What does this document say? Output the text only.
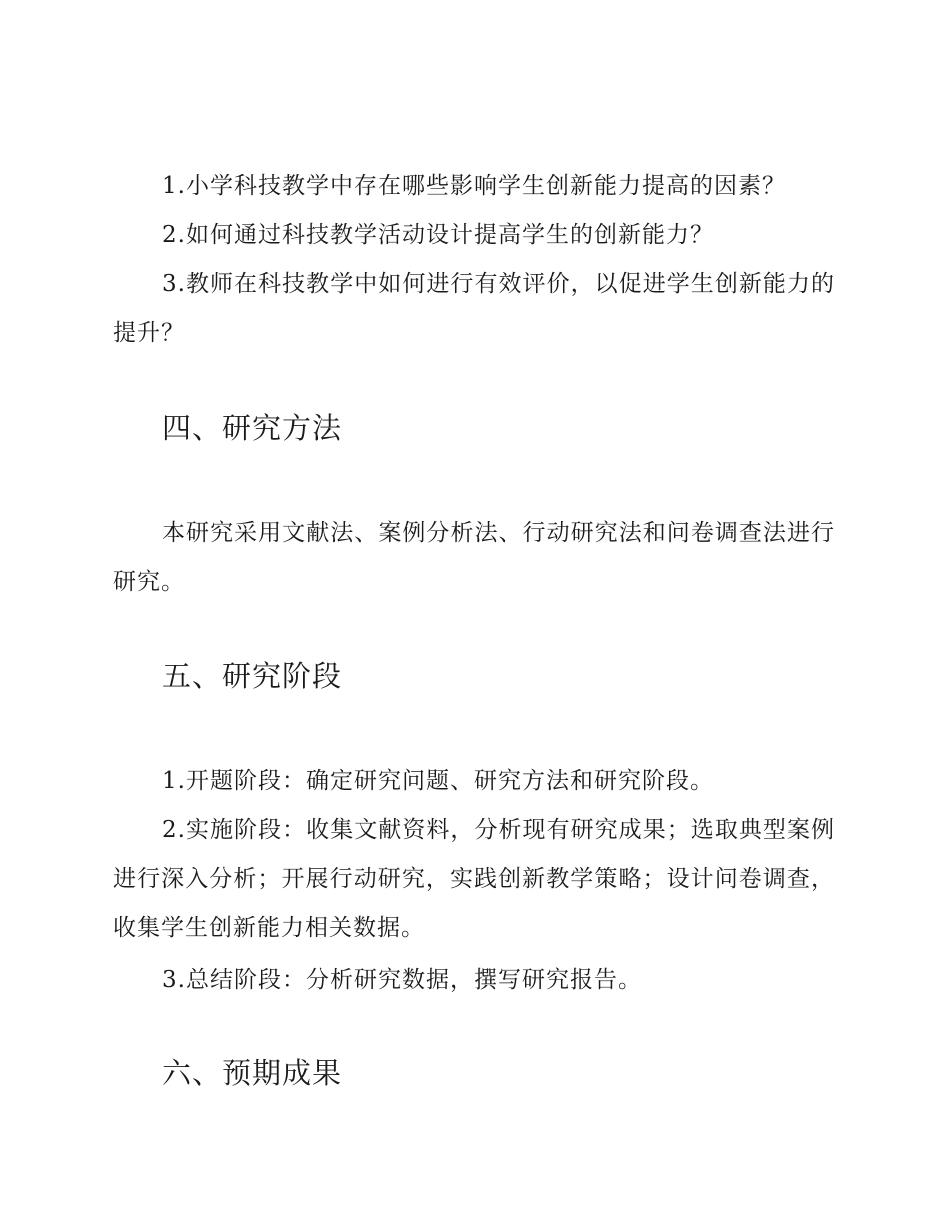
1.小学科技教学中存在哪些影响学生创新能力提高的因素？

2.如何通过科技教学活动设计提高学生的创新能力？

3.教师在科技教学中如何进行有效评价，以促进学生创新能力的提升？

四、研究方法

本研究采用文献法、案例分析法、行动研究法和问卷调查法进行研究。

五、研究阶段

1.开题阶段：确定研究问题、研究方法和研究阶段。

2.实施阶段：收集文献资料，分析现有研究成果；选取典型案例进行深入分析；开展行动研究，实践创新教学策略；设计问卷调查，收集学生创新能力相关数据。

3.总结阶段：分析研究数据，撰写研究报告。

六、预期成果
